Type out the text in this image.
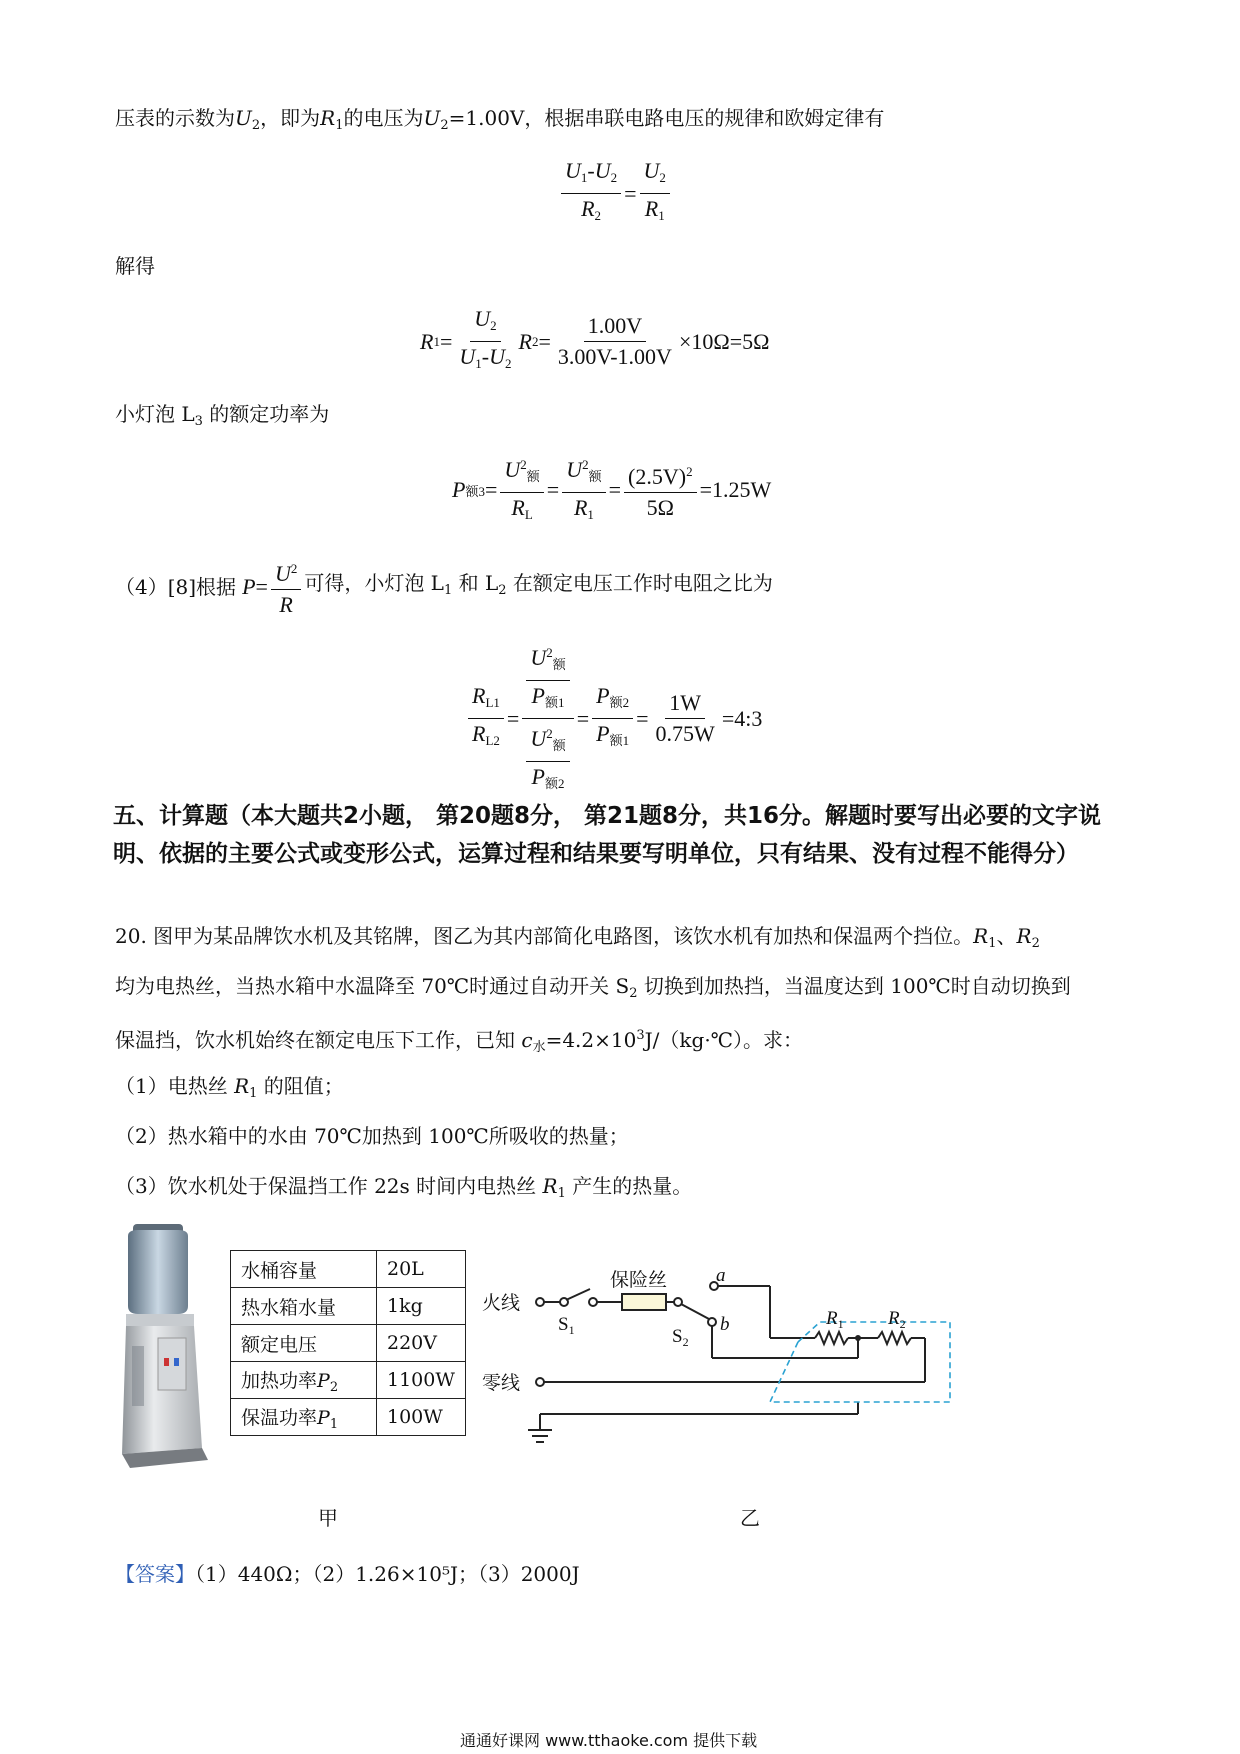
压表的示数为$U_2$，即为$R_1$的电压为$U_2=1.00V$，根据串联电路电压的规律和欧姆定律有
$\frac{U_1-U_2}{R_2} = \frac{U_2}{R_1}$
解得
R $1 = \frac{U_2}{U_1-U_2}$ R $2 = \frac{1.00V}{3.00V-1.00V} \times 10\Omega=5\Omega$
小灯泡 $L_3$ 的额定功率为
P 额$3 = \frac{U^2_额}{R_L} = \frac{U^2_额}{R_1} = \frac{(2.5V)^2}{5\Omega} =1.25W$
（4）[8]根据 $P = \frac{U^2}{R}$ 可得，小灯泡 $L_1$ 和 $L_2$ 在额定电压工作时电阻之比为
$\frac{R_{L1}}{R_{L2}} = \frac{\frac{U^2_额}{P_{额1}}}{\frac{U^2_额}{P_{额2}}} = \frac{P_{额2}}{P_{额1}} = \frac{1W}{0.75W}$ =4:3
五、计算题（本大题共2小题， 第20题8分， 第21题8分，共16分。解题时要写出必要的文字说明、依据的主要公式或变形公式，运算过程和结果要写明单位，只有结果、没有过程不能得分）
20. 图甲为某品牌饮水机及其铭牌，图乙为其内部简化电路图，该饮水机有加热和保温两个挡位。$R_1$、$R_2$
均为电热丝，当热水箱中水温降至 70℃时通过自动开关 $S_2$ 切换到加热挡，当温度达到 100℃时自动切换到
保温挡，饮水机始终在额定电压下工作，已知 $c_水=4.2\times 10^3J/(kg\cdot℃)$。求：
（1）电热丝 $R_1$ 的阻值；
（2）热水箱中的水由 70℃加热到 100℃所吸收的热量；
（3）饮水机处于保温挡工作 22s 时间内电热丝 $R_1$ 产生的热量。
水桶容量	20L
热水箱水量	1kg
额定电压	220V
加热功率$P_2$	1100W
保温功率$P_1$	100W
火线
零线
保险丝
$S_1$	$S_2$
a
b	$R_1$ $R_2$
甲	乙
【答案】（1）440Ω；（2）1.26×10⁵J；（3）2000J
通通好课网 www.tthaoke.com 提供下载
